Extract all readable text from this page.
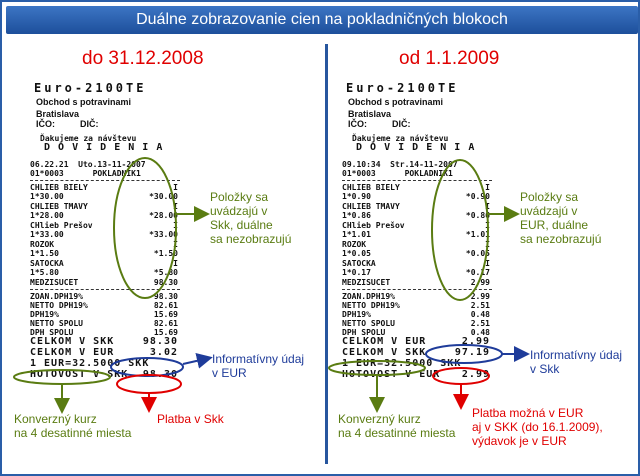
Duálne zobrazovanie cien na pokladničných blokoch
do 31.12.2008	od 1.1.2009
Euro-2100TE
Obchod s potravinami
Bratislava
IČO:	DIČ:
Ďakujeme za návštevu
D O V I D E N I A
06.22.21  Uto.13-11-2007
01*0003      POKLADNIK1
CHLIEB BIELY	I
1*30.00	*30.00
CHLIEB TMAVY	I
1*28.00	*28.00
CHlieb Prešov	I
1*33.00	*33.00
ROZOK	I
1*1.50	*1.50
SATOCKA	I
1*5.80	*5.80
MEDZISUCET	98.30
ZOAN.DPH19%	98.30
NETTO DPH19%	82.61
DPH19%	15.69
NETTO SPOLU	82.61
DPH SPOLU	15.69
CELKOM V SKK	98.30
CELKOM V EUR	3.02
1 EUR=32.5000 SKK
HOTOVOST V SKK	98.30
Euro-2100TE
Obchod s potravinami
Bratislava
IČO:	DIČ:
Ďakujeme za návštevu
D O V I D E N I A
09.10:34  Str.14-11-2007
01*0003      POKLADNIK1
CHLIEB BIELY	I
1*0.90	*0.90
CHLIEB TMAVY	I
1*0.86	*0.86
CHlieb Prešov	I
1*1.01	*1.01
ROZOK	I
1*0.05	*0.05
SATOCKA	I
1*0.17	*0.17
MEDZISUCET	2.99
ZOAN.DPH19%	2.99
NETTO DPH19%	2.51
DPH19%	0.48
NETTO SPOLU	2.51
DPH SPOLU	0.48
CELKOM V EUR	2.99
CELKOM V SKK	97.19
1 EUR=32.5000 SKK
HOTOVOST V EUR	2.99
Položky sa
uvádzajú v
Skk, duálne
sa nezobrazujú
Informatívny údaj
v EUR
Konverzný kurz
na 4 desatinné miesta
Platba v Skk
Položky sa
uvádzajú v
EUR, duálne
sa nezobrazujú
Informatívny údaj
v Skk
Konverzný kurz
na 4 desatinné miesta
Platba možná v EUR
aj v SKK (do 16.1.2009),
výdavok je v EUR
